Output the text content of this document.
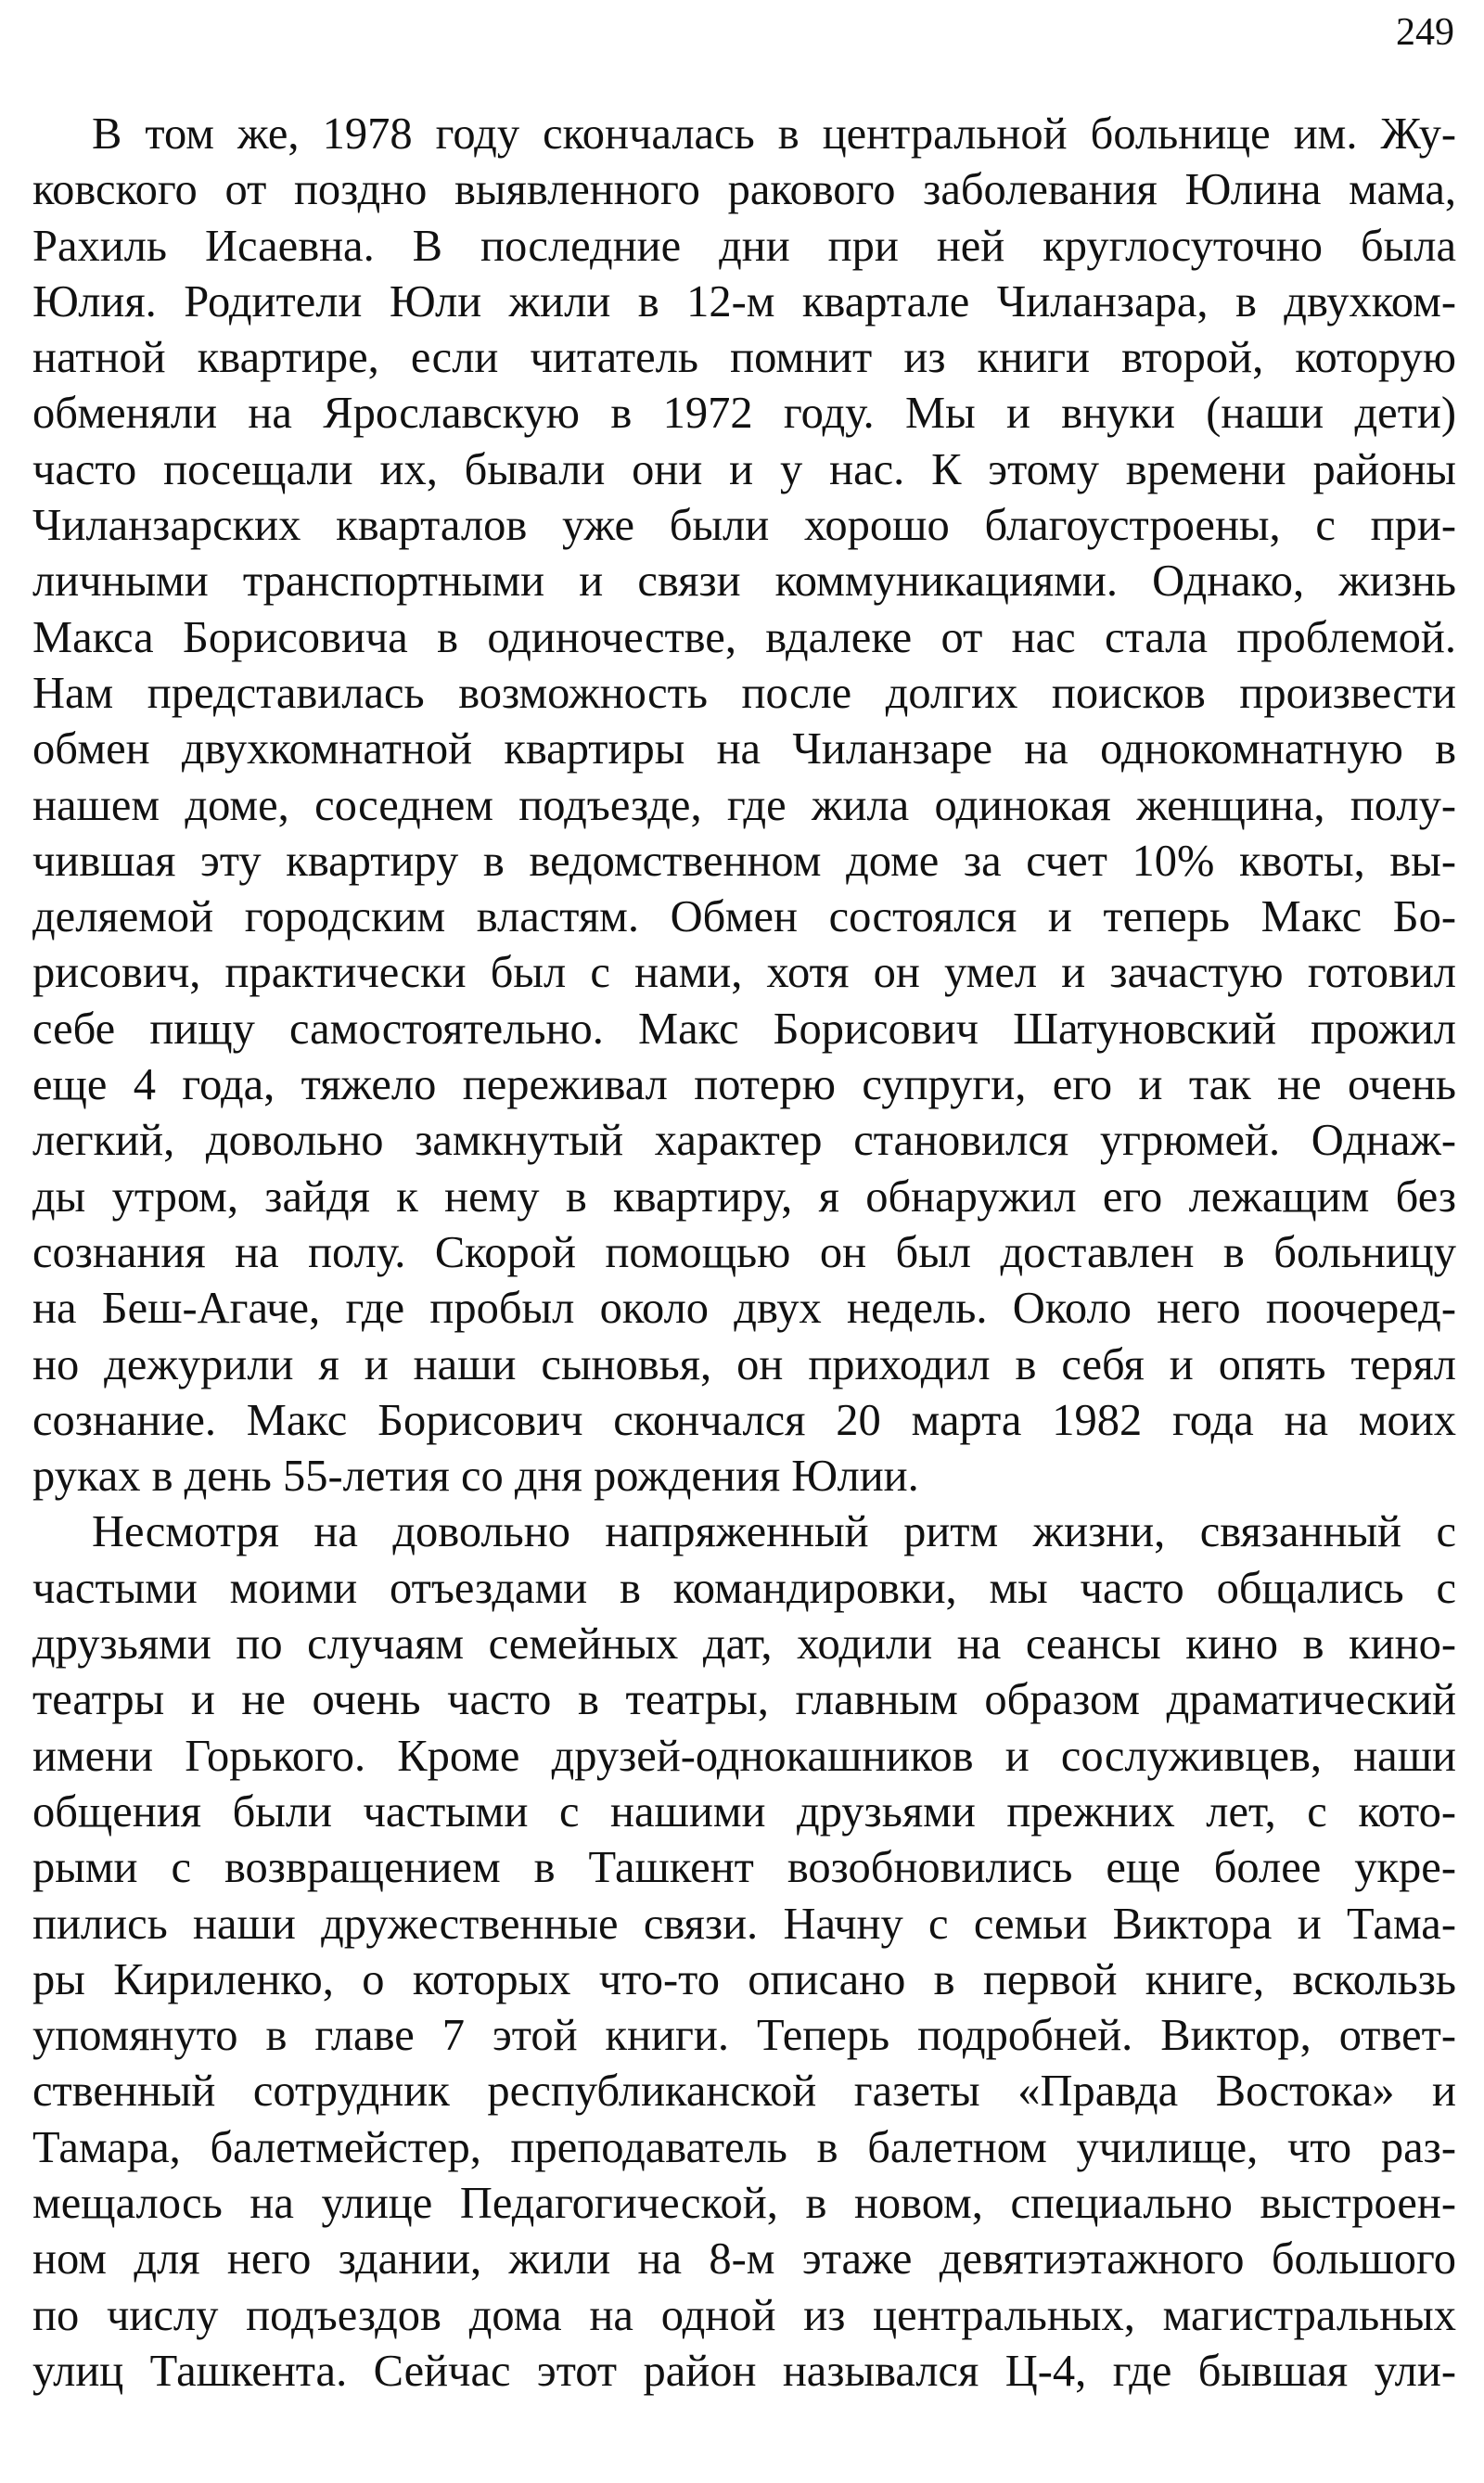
249

В том же, 1978 году скончалась в центральной больнице им. Жу-
ковского от поздно выявленного ракового заболевания Юлина мама,
Рахиль Исаевна. В последние дни при ней круглосуточно была
Юлия. Родители Юли жили в 12-м квартале Чиланзара, в двухком-
натной квартире, если читатель помнит из книги второй, которую
обменяли на Ярославскую в 1972 году. Мы и внуки (наши дети)
часто посещали их, бывали они и у нас. К этому времени районы
Чиланзарских кварталов уже были хорошо благоустроены, с при-
личными транспортными и связи коммуникациями. Однако, жизнь
Макса Борисовича в одиночестве, вдалеке от нас стала проблемой.
Нам представилась возможность после долгих поисков произвести
обмен двухкомнатной квартиры на Чиланзаре на однокомнатную в
нашем доме, соседнем подъезде, где жила одинокая женщина, полу-
чившая эту квартиру в ведомственном доме за счет 10% квоты, вы-
деляемой городским властям. Обмен состоялся и теперь Макс Бо-
рисович, практически был с нами, хотя он умел и зачастую готовил
себе пищу самостоятельно. Макс Борисович Шатуновский прожил
еще 4 года, тяжело переживал потерю супруги, его и так не очень
легкий, довольно замкнутый характер становился угрюмей. Однаж-
ды утром, зайдя к нему в квартиру, я обнаружил его лежащим без
сознания на полу. Скорой помощью он был доставлен в больницу
на Беш-Агаче, где пробыл около двух недель. Около него поочеред-
но дежурили я и наши сыновья, он приходил в себя и опять терял
сознание. Макс Борисович скончался 20 марта 1982 года на моих
руках в день 55-летия со дня рождения Юлии.

Несмотря на довольно напряженный ритм жизни, связанный с
частыми моими отъездами в командировки, мы часто общались с
друзьями по случаям семейных дат, ходили на сеансы кино в кино-
театры и не очень часто в театры, главным образом драматический
имени Горького. Кроме друзей-однокашников и сослуживцев, наши
общения были частыми с нашими друзьями прежних лет, с кото-
рыми с возвращением в Ташкент возобновились еще более укре-
пились наши дружественные связи. Начну с семьи Виктора и Тама-
ры Кириленко, о которых что-то описано в первой книге, вскользь
упомянуто в главе 7 этой книги. Теперь подробней. Виктор, ответ-
ственный сотрудник республиканской газеты «Правда Востока» и
Тамара, балетмейстер, преподаватель в балетном училище, что раз-
мещалось на улице Педагогической, в новом, специально выстроен-
ном для него здании, жили на 8-м этаже девятиэтажного большого
по числу подъездов дома на одной из центральных, магистральных
улиц Ташкента. Сейчас этот район назывался Ц-4, где бывшая ули-
